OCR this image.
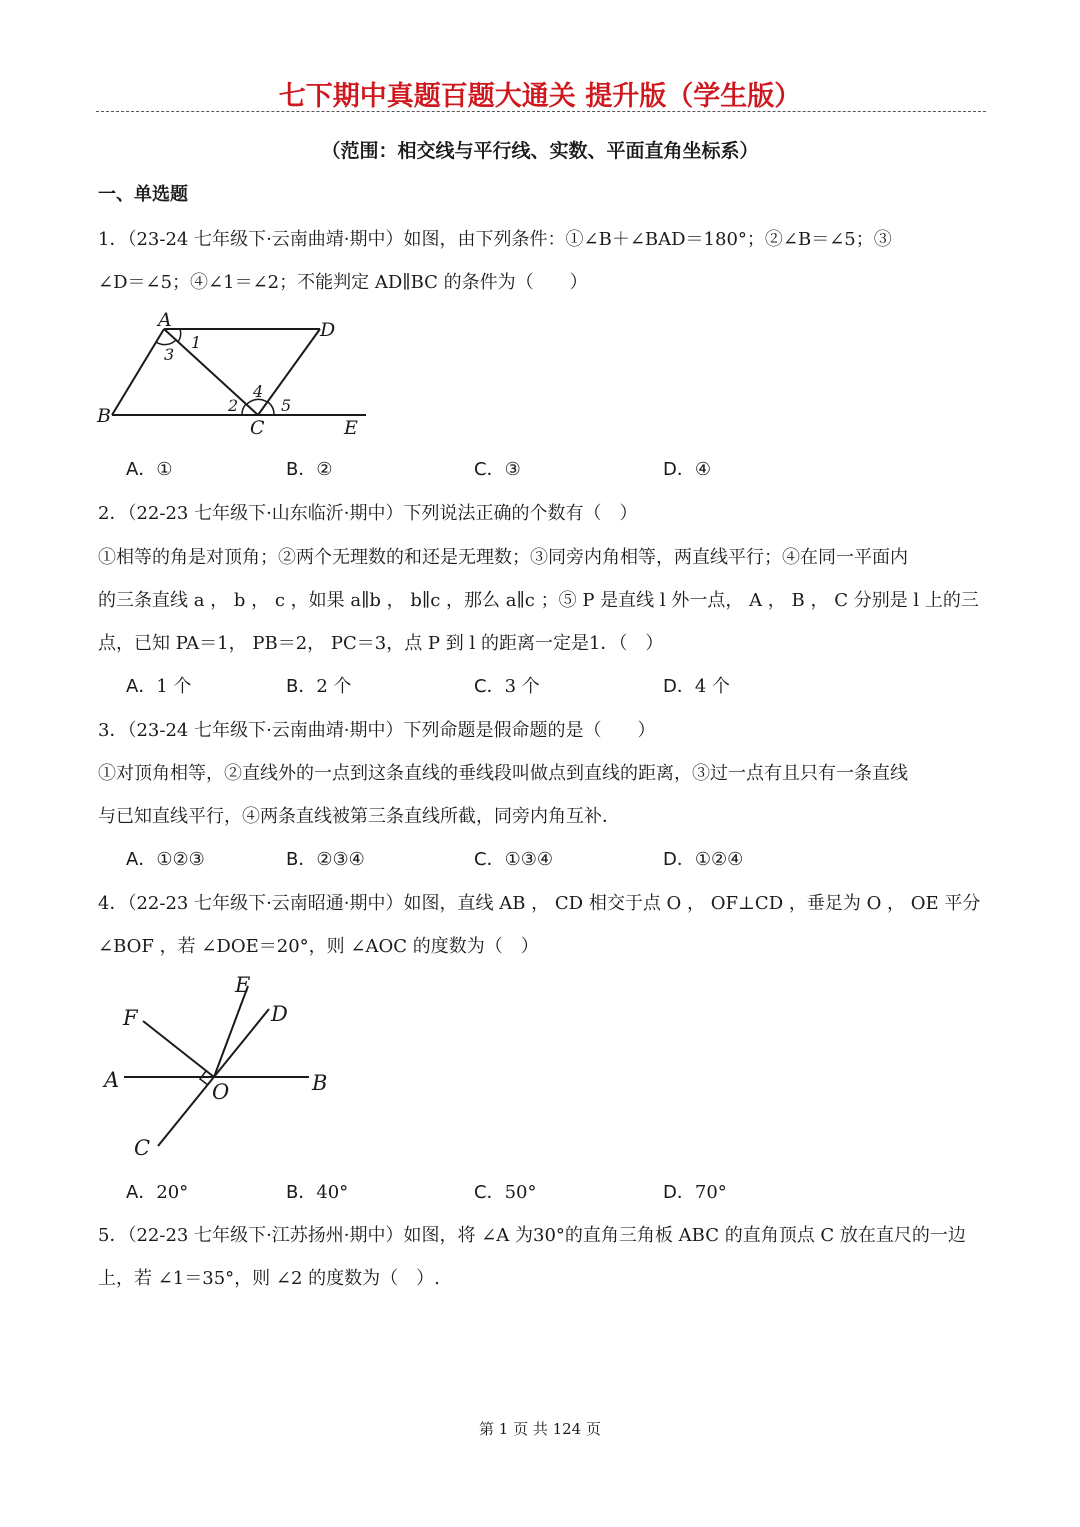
七下期中真题百题大通关 提升版（学生版）
（范围：相交线与平行线、实数、平面直角坐标系）
一、单选题
1．（23-24 七年级下·云南曲靖·期中）如图，由下列条件：①∠B＋∠BAD＝180°；②∠B＝∠5；③
∠D＝∠5；④∠1＝∠2；不能判定 AD∥BC 的条件为（　　）
A	D
B
C	E
1
2
3
4
5
A．①	B．②	C．③	D．④
2．（22-23 七年级下·山东临沂·期中）下列说法正确的个数有（　）
①相等的角是对顶角；②两个无理数的和还是无理数；③同旁内角相等，两直线平行；④在同一平面内
的三条直线 a ， b ， c ，如果 a∥b ， b∥c ，那么 a∥c ；⑤ P 是直线 l 外一点， A ， B ， C 分别是 l 上的三
点，已知 PA＝1， PB＝2， PC＝3，点 P 到 l 的距离一定是1．（　）
A．1 个	B．2 个	C．3 个	D．4 个
3．（23-24 七年级下·云南曲靖·期中）下列命题是假命题的是（　　）
①对顶角相等，②直线外的一点到这条直线的垂线段叫做点到直线的距离，③过一点有且只有一条直线
与已知直线平行，④两条直线被第三条直线所截，同旁内角互补．
A．①②③	B．②③④	C．①③④	D．①②④
4．（22-23 七年级下·云南昭通·期中）如图，直线 AB ， CD 相交于点 O ， OF⊥CD ，垂足为 O ， OE 平分
∠BOF ，若 ∠DOE＝20°，则 ∠AOC 的度数为（　）
E
F	D
A	O	B
C
A．20°	B．40°	C．50°	D．70°
5．（22-23 七年级下·江苏扬州·期中）如图，将 ∠A 为30°的直角三角板 ABC 的直角顶点 C 放在直尺的一边
上，若 ∠1＝35°，则 ∠2 的度数为（　）.
第 1 页 共 124 页
